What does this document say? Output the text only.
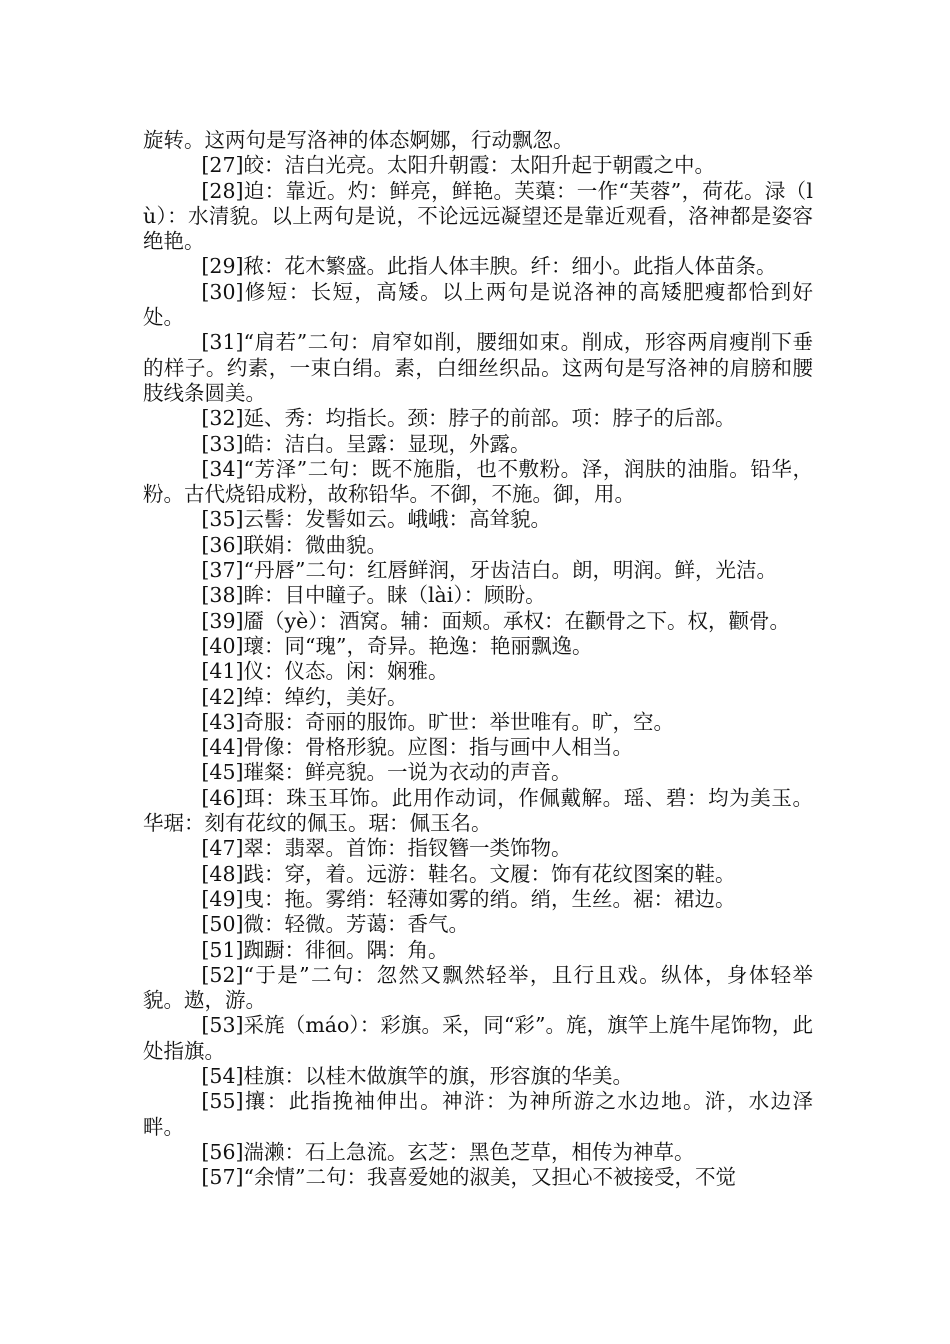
旋转。这两句是写洛神的体态婀娜，行动飘忽。

[27]皎：洁白光亮。太阳升朝霞：太阳升起于朝霞之中。

[28]迫：靠近。灼：鲜亮，鲜艳。芙蕖：一作“芙蓉”，荷花。渌（lù）：水清貌。以上两句是说，不论远远凝望还是靠近观看，洛神都是姿容绝艳。

[29]秾：花木繁盛。此指人体丰腴。纤：细小。此指人体苗条。

[30]修短：长短，高矮。以上两句是说洛神的高矮肥瘦都恰到好处。

[31]“肩若”二句：肩窄如削，腰细如束。削成，形容两肩瘦削下垂的样子。约素，一束白绢。素，白细丝织品。这两句是写洛神的肩膀和腰肢线条圆美。

[32]延、秀：均指长。颈：脖子的前部。项：脖子的后部。

[33]皓：洁白。呈露：显现，外露。

[34]“芳泽”二句：既不施脂，也不敷粉。泽，润肤的油脂。铅华，粉。古代烧铅成粉，故称铅华。不御，不施。御，用。

[35]云髻：发髻如云。峨峨：高耸貌。

[36]联娟：微曲貌。

[37]“丹唇”二句：红唇鲜润，牙齿洁白。朗，明润。鲜，光洁。

[38]眸：目中瞳子。睐（lài）：顾盼。

[39]靥（yè）：酒窝。辅：面颊。承权：在颧骨之下。权，颧骨。

[40]瓌：同“瑰”，奇异。艳逸：艳丽飘逸。

[41]仪：仪态。闲：娴雅。

[42]绰：绰约，美好。

[43]奇服：奇丽的服饰。旷世：举世唯有。旷，空。

[44]骨像：骨格形貌。应图：指与画中人相当。

[45]璀粲：鲜亮貌。一说为衣动的声音。

[46]珥：珠玉耳饰。此用作动词，作佩戴解。瑶、碧：均为美玉。华琚：刻有花纹的佩玉。琚：佩玉名。

[47]翠：翡翠。首饰：指钗簪一类饰物。

[48]践：穿，着。远游：鞋名。文履：饰有花纹图案的鞋。

[49]曳：拖。雾绡：轻薄如雾的绡。绡，生丝。裾：裙边。

[50]微：轻微。芳蔼：香气。

[51]踟蹰：徘徊。隅：角。

[52]“于是”二句：忽然又飘然轻举，且行且戏。纵体，身体轻举貌。遨，游。

[53]采旄（máo）：彩旗。采，同“彩”。旄，旗竿上旄牛尾饰物，此处指旗。

[54]桂旗：以桂木做旗竿的旗，形容旗的华美。

[55]攘：此指挽袖伸出。神浒：为神所游之水边地。浒，水边泽畔。

[56]湍濑：石上急流。玄芝：黑色芝草，相传为神草。

[57]“余情”二句：我喜爱她的淑美，又担心不被接受，不觉
